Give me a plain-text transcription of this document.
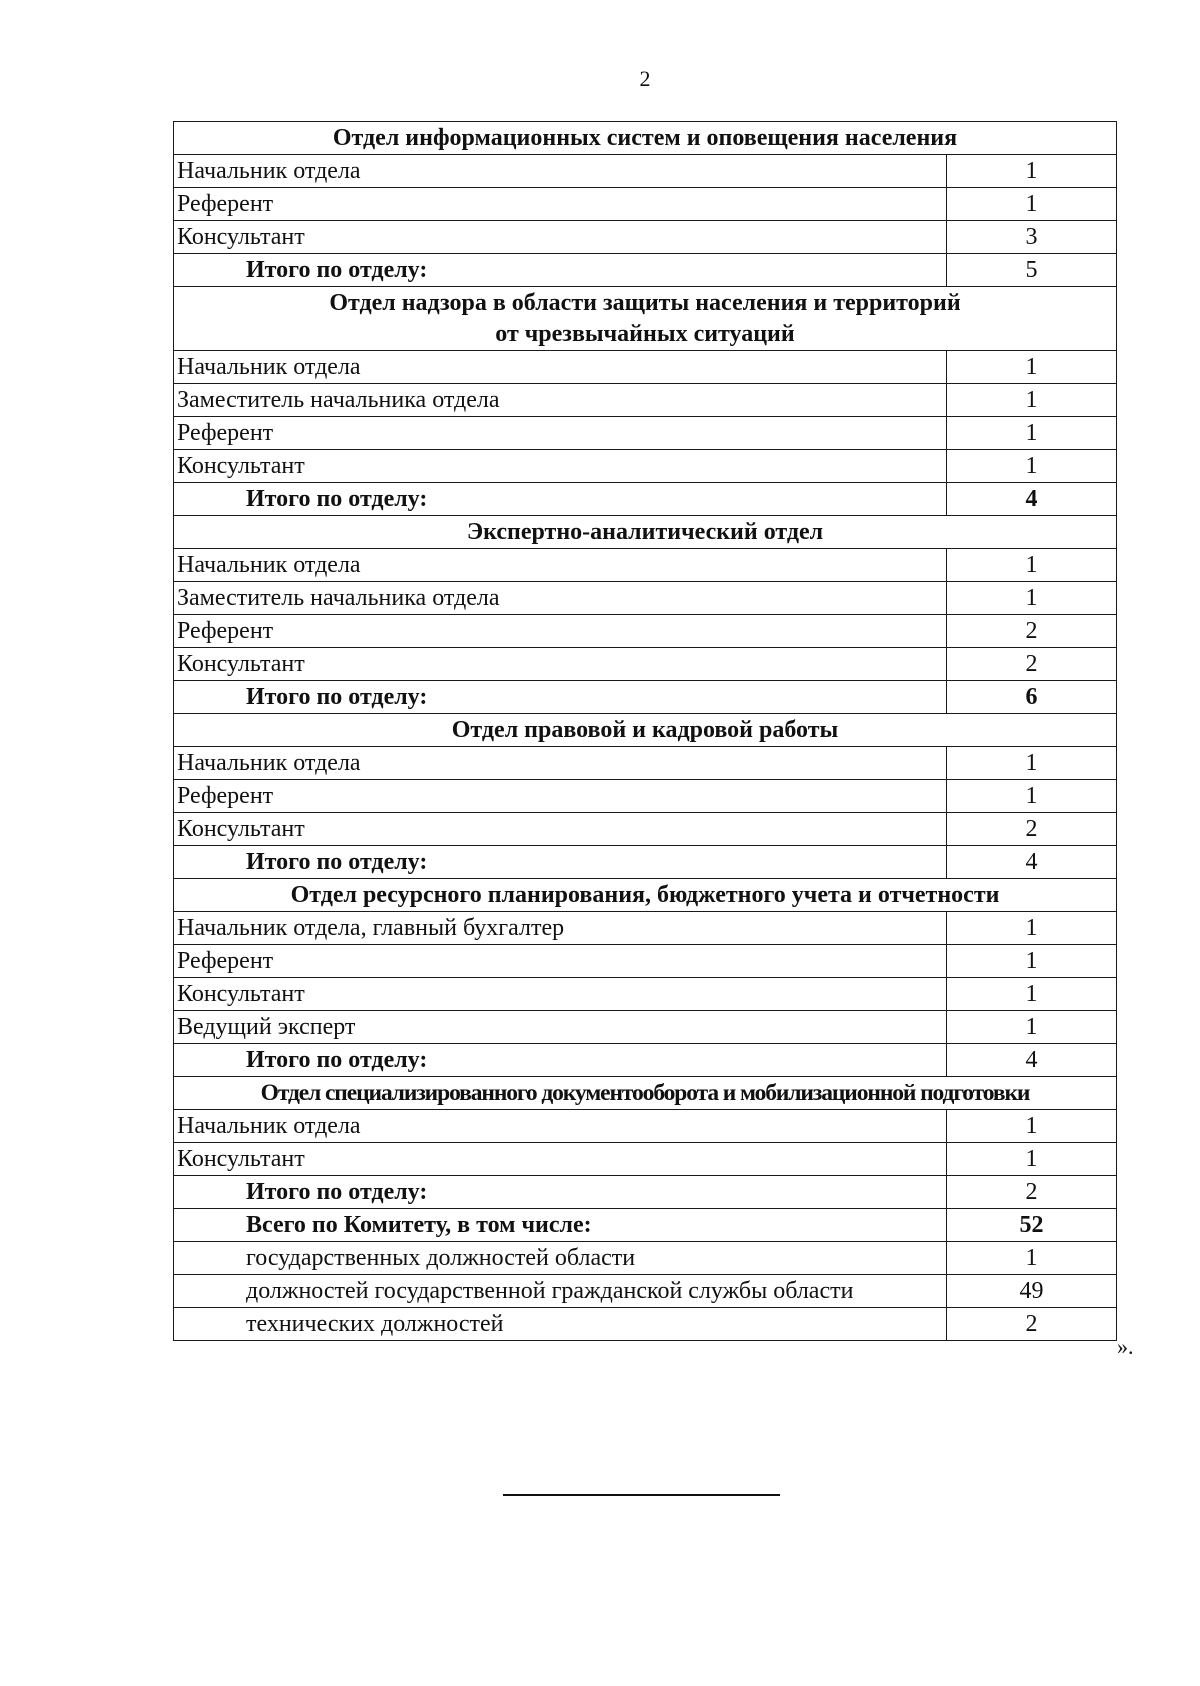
2
Отдел информационных систем и оповещения населения	
Начальник отдела	1
Референт	1
Консультант	3
Итого по отделу:	5
Отдел надзора в области защиты населения и территорий
от чрезвычайных ситуаций	
Начальник отдела	1
Заместитель начальника отдела	1
Референт	1
Консультант	1
Итого по отделу:	4
Экспертно-аналитический отдел	
Начальник отдела	1
Заместитель начальника отдела	1
Референт	2
Консультант	2
Итого по отделу:	6
Отдел правовой и кадровой работы	
Начальник отдела	1
Референт	1
Консультант	2
Итого по отделу:	4
Отдел ресурсного планирования, бюджетного учета и отчетности	
Начальник отдела, главный бухгалтер	1
Референт	1
Консультант	1
Ведущий эксперт	1
Итого по отделу:	4
Отдел специализированного документооборота и мобилизационной подготовки	
Начальник отдела	1
Консультант	1
Итого по отделу:	2
Всего по Комитету, в том числе:	52
государственных должностей области	1
должностей государственной гражданской службы области	49
технических должностей	2
».
